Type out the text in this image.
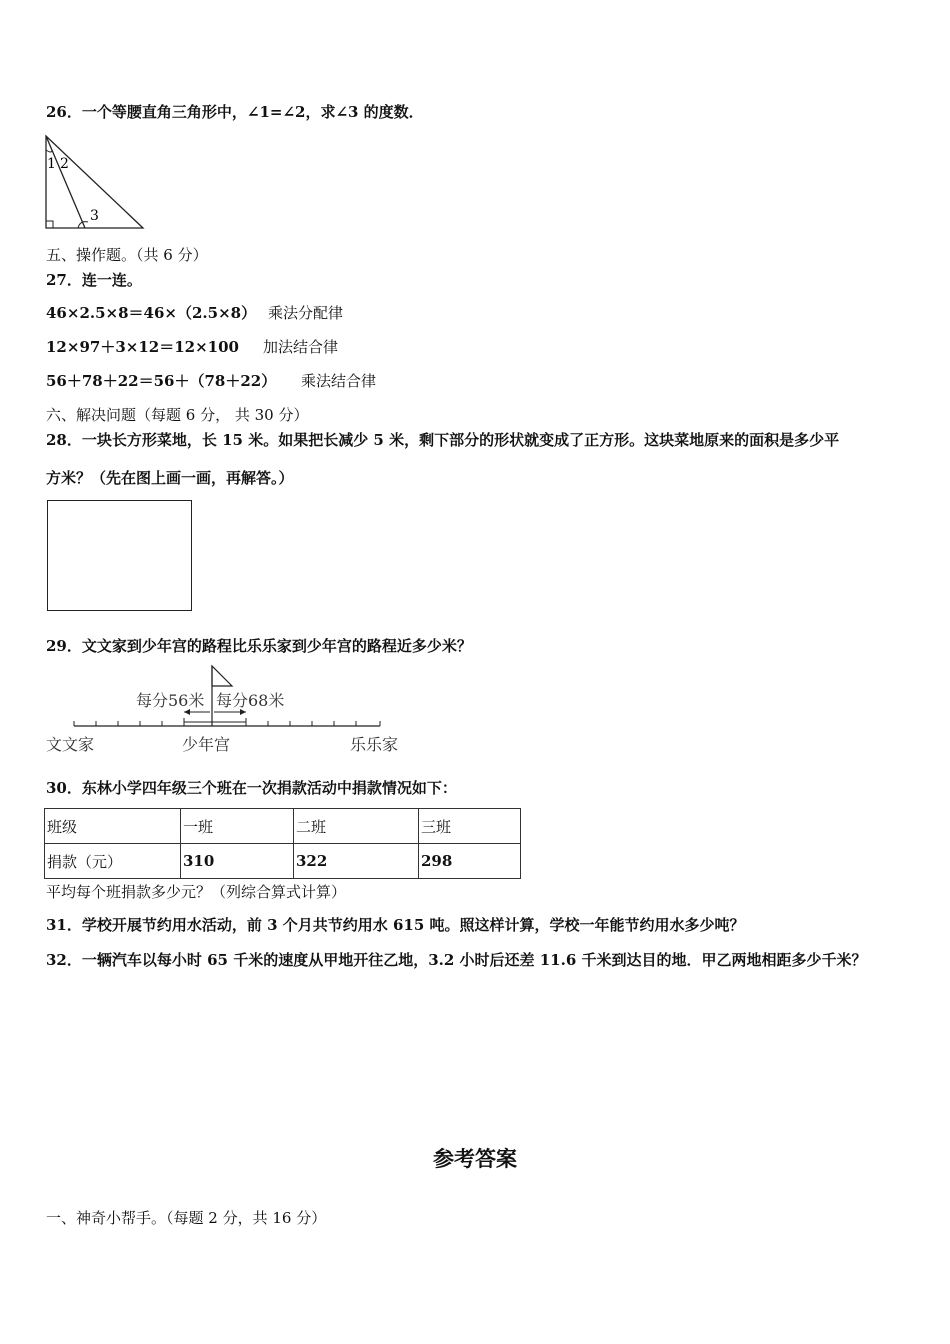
26．一个等腰直角三角形中，∠1=∠2，求∠3 的度数．
1 2
3
五、操作题。（共 6 分）
27．连一连。
46×2.5×8＝46×（2.5×8） 乘法分配律
12×97＋3×12＝12×100 加法结合律
56＋78＋22＝56＋（78＋22） 乘法结合律
六、解决问题（每题 6 分， 共 30 分）
28．一块长方形菜地，长 15 米。如果把长减少 5 米，剩下部分的形状就变成了正方形。这块菜地原来的面积是多少平
方米？（先在图上画一画，再解答。）
29．文文家到少年宫的路程比乐乐家到少年宫的路程近多少米？
每分56米 每分68米
文文家	少年宫	乐乐家
30．东林小学四年级三个班在一次捐款活动中捐款情况如下：
班级	一班	二班	三班
捐款（元）	310	322	298
平均每个班捐款多少元？（列综合算式计算）
31．学校开展节约用水活动，前 3 个月共节约用水 615 吨。照这样计算，学校一年能节约用水多少吨？
32．一辆汽车以每小时 65 千米的速度从甲地开往乙地，3.2 小时后还差 11.6 千米到达目的地．甲乙两地相距多少千米？
参考答案
一、神奇小帮手。（每题 2 分，共 16 分）
